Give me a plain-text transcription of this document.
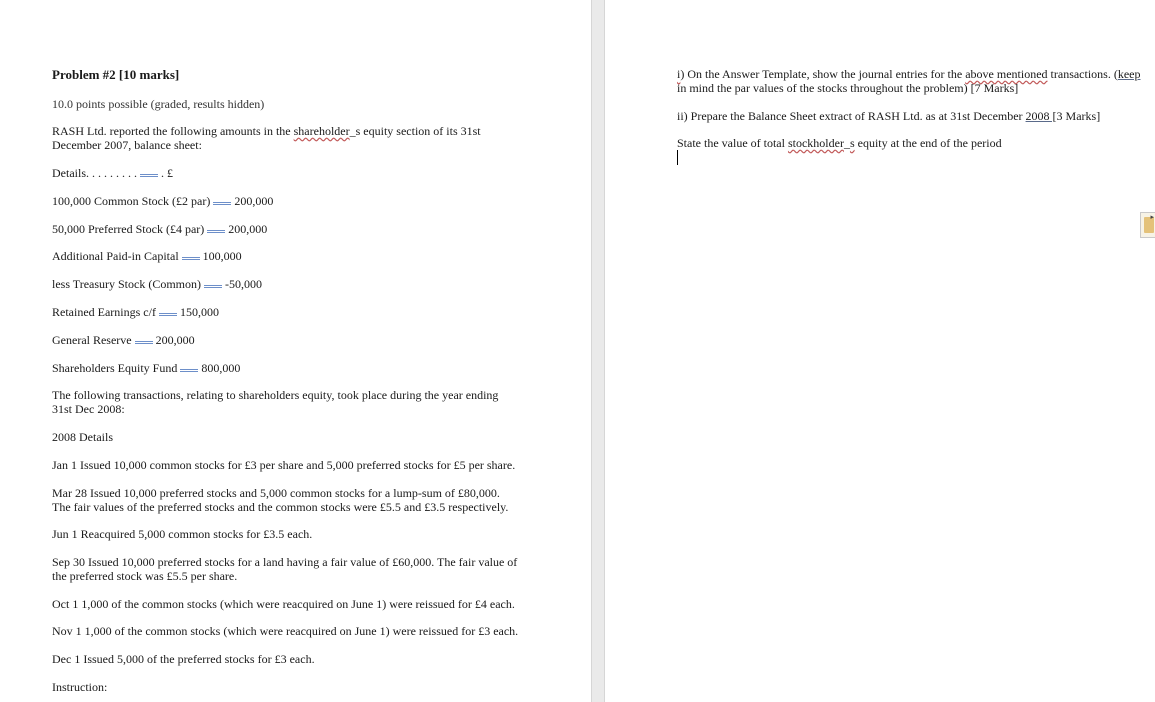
Problem #2 [10 marks]
10.0 points possible (graded, results hidden)
RASH Ltd. reported the following amounts in the shareholder_s equity section of its 31st
December 2007, balance sheet:
Details. . . . . . . . . . £
100,000 Common Stock (£2 par) 200,000
50,000 Preferred Stock (£4 par) 200,000
Additional Paid-in Capital 100,000
less Treasury Stock (Common) -50,000
Retained Earnings c/f 150,000
General Reserve 200,000
Shareholders Equity Fund 800,000
The following transactions, relating to shareholders equity, took place during the year ending
31st Dec 2008:
2008 Details
Jan 1 Issued 10,000 common stocks for £3 per share and 5,000 preferred stocks for £5 per share.
Mar 28 Issued 10,000 preferred stocks and 5,000 common stocks for a lump-sum of £80,000.
The fair values of the preferred stocks and the common stocks were £5.5 and £3.5 respectively.
Jun 1 Reacquired 5,000 common stocks for £3.5 each.
Sep 30 Issued 10,000 preferred stocks for a land having a fair value of £60,000. The fair value of
the preferred stock was £5.5 per share.
Oct 1 1,000 of the common stocks (which were reacquired on June 1) were reissued for £4 each.
Nov 1 1,000 of the common stocks (which were reacquired on June 1) were reissued for £3 each.
Dec 1 Issued 5,000 of the preferred stocks for £3 each.
Instruction:
i) On the Answer Template, show the journal entries for the above mentioned transactions. (keep
in mind the par values of the stocks throughout the problem) [7 Marks]
ii) Prepare the Balance Sheet extract of RASH Ltd. as at 31st December 2008 [3 Marks]
State the value of total stockholder_s equity at the end of the period
▸
